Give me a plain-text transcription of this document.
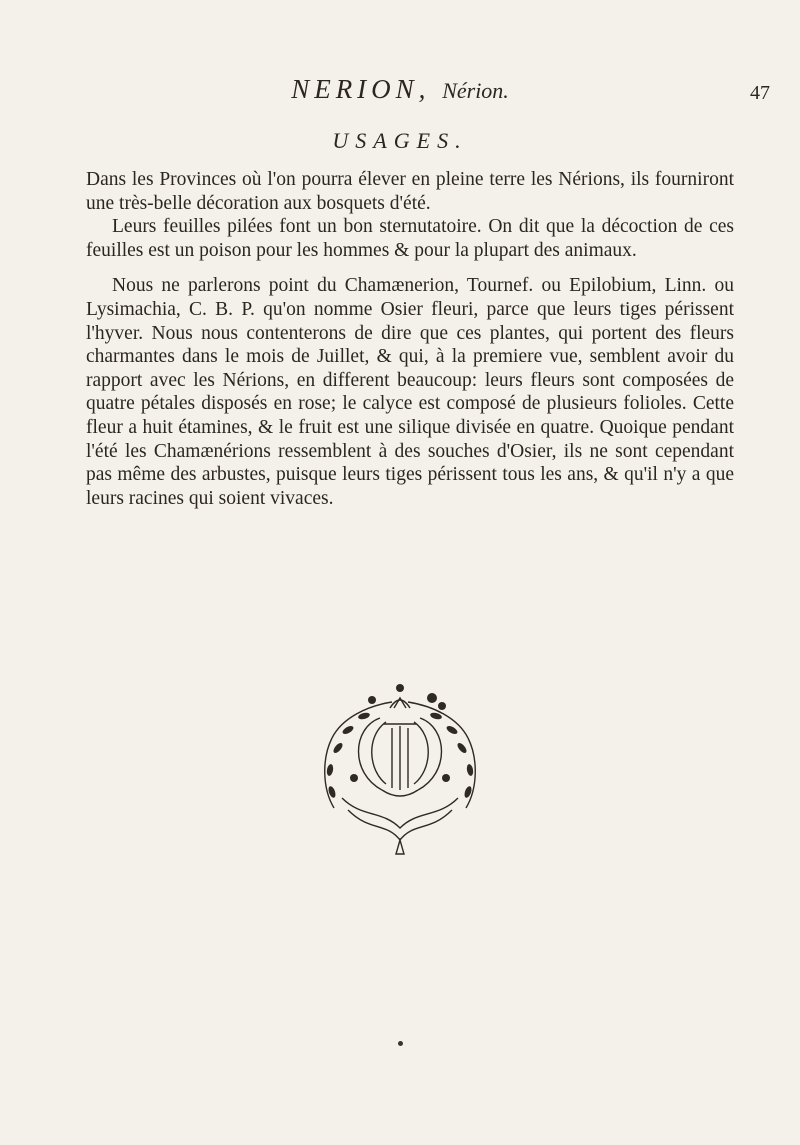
NERION, Nérion.	47
USAGES.

Dans les Provinces où l'on pourra élever en pleine terre les Nérions, ils fourniront une très-belle décoration aux bosquets d'été.

Leurs feuilles pilées font un bon sternutatoire. On dit que la décoction de ces feuilles est un poison pour les hommes & pour la plupart des animaux.

Nous ne parlerons point du Chamænerion, Tournef. ou Epilobium, Linn. ou Lysimachia, C. B. P. qu'on nomme Osier fleuri, parce que leurs tiges périssent l'hyver. Nous nous contenterons de dire que ces plantes, qui portent des fleurs charmantes dans le mois de Juillet, & qui, à la premiere vue, semblent avoir du rapport avec les Nérions, en different beaucoup: leurs fleurs sont composées de quatre pétales disposés en rose; le calyce est composé de plusieurs folioles. Cette fleur a huit étamines, & le fruit est une silique divisée en quatre. Quoique pendant l'été les Chamænérions ressemblent à des souches d'Osier, ils ne sont cependant pas même des arbustes, puisque leurs tiges périssent tous les ans, & qu'il n'y a que leurs racines qui soient vivaces.
